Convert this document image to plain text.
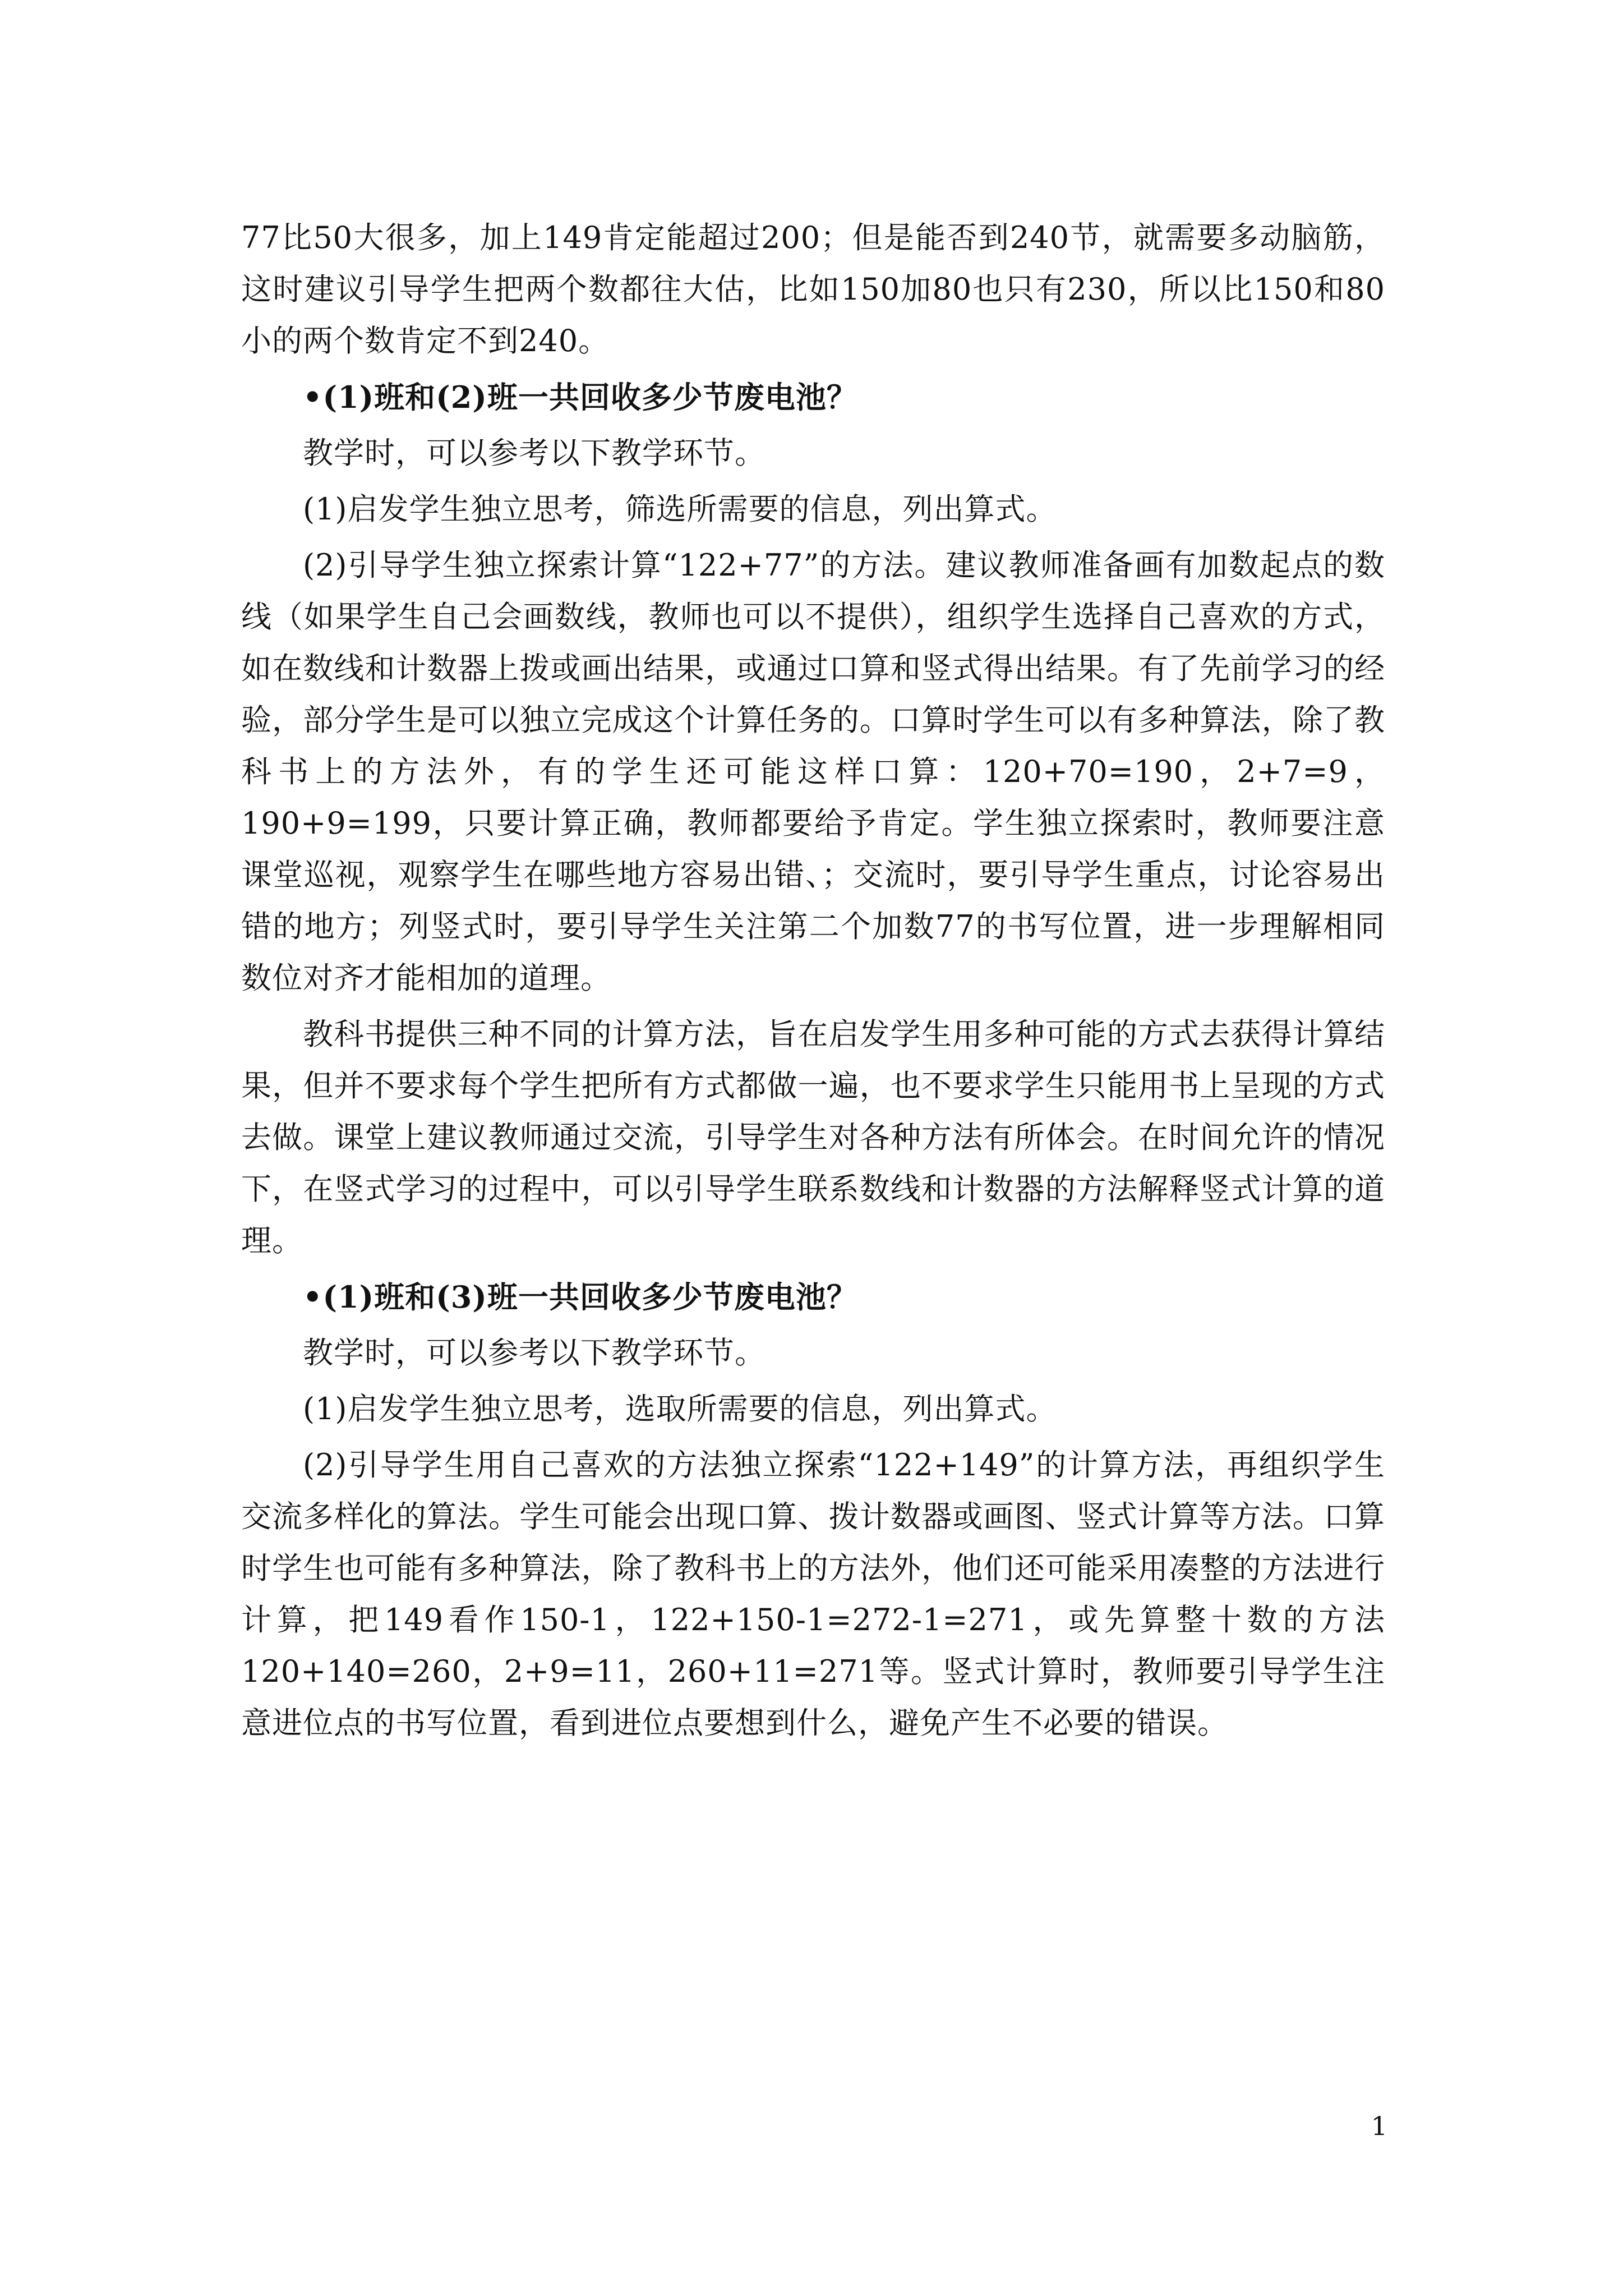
77比50大很多，加上149肯定能超过200；但是能否到240节，就需要多动脑筋，这时建议引导学生把两个数都往大估，比如150加80也只有230，所以比150和80小的两个数肯定不到240。

•(1)班和(2)班一共回收多少节废电池？

教学时，可以参考以下教学环节。

(1)启发学生独立思考，筛选所需要的信息，列出算式。

(2)引导学生独立探索计算“122+77”的方法。建议教师准备画有加数起点的数线（如果学生自己会画数线，教师也可以不提供），组织学生选择自己喜欢的方式，如在数线和计数器上拨或画出结果，或通过口算和竖式得出结果。有了先前学习的经验，部分学生是可以独立完成这个计算任务的。口算时学生可以有多种算法，除了教科书上的方法外，有的学生还可能这样口算：120+70=190，2+7=9，190+9=199，只要计算正确，教师都要给予肯定。学生独立探索时，教师要注意课堂巡视，观察学生在哪些地方容易出错、；交流时，要引导学生重点，讨论容易出错的地方；列竖式时，要引导学生关注第二个加数77的书写位置，进一步理解相同数位对齐才能相加的道理。

教科书提供三种不同的计算方法，旨在启发学生用多种可能的方式去获得计算结果，但并不要求每个学生把所有方式都做一遍，也不要求学生只能用书上呈现的方式去做。课堂上建议教师通过交流，引导学生对各种方法有所体会。在时间允许的情况下，在竖式学习的过程中，可以引导学生联系数线和计数器的方法解释竖式计算的道理。

•(1)班和(3)班一共回收多少节废电池？

教学时，可以参考以下教学环节。

(1)启发学生独立思考，选取所需要的信息，列出算式。

(2)引导学生用自己喜欢的方法独立探索“122+149”的计算方法，再组织学生交流多样化的算法。学生可能会出现口算、拨计数器或画图、竖式计算等方法。口算时学生也可能有多种算法，除了教科书上的方法外，他们还可能采用凑整的方法进行计算，把149看作150-1，122+150-1=272-1=271，或先算整十数的方法120+140=260，2+9=11，260+11=271等。竖式计算时，教师要引导学生注意进位点的书写位置，看到进位点要想到什么，避免产生不必要的错误。

1
